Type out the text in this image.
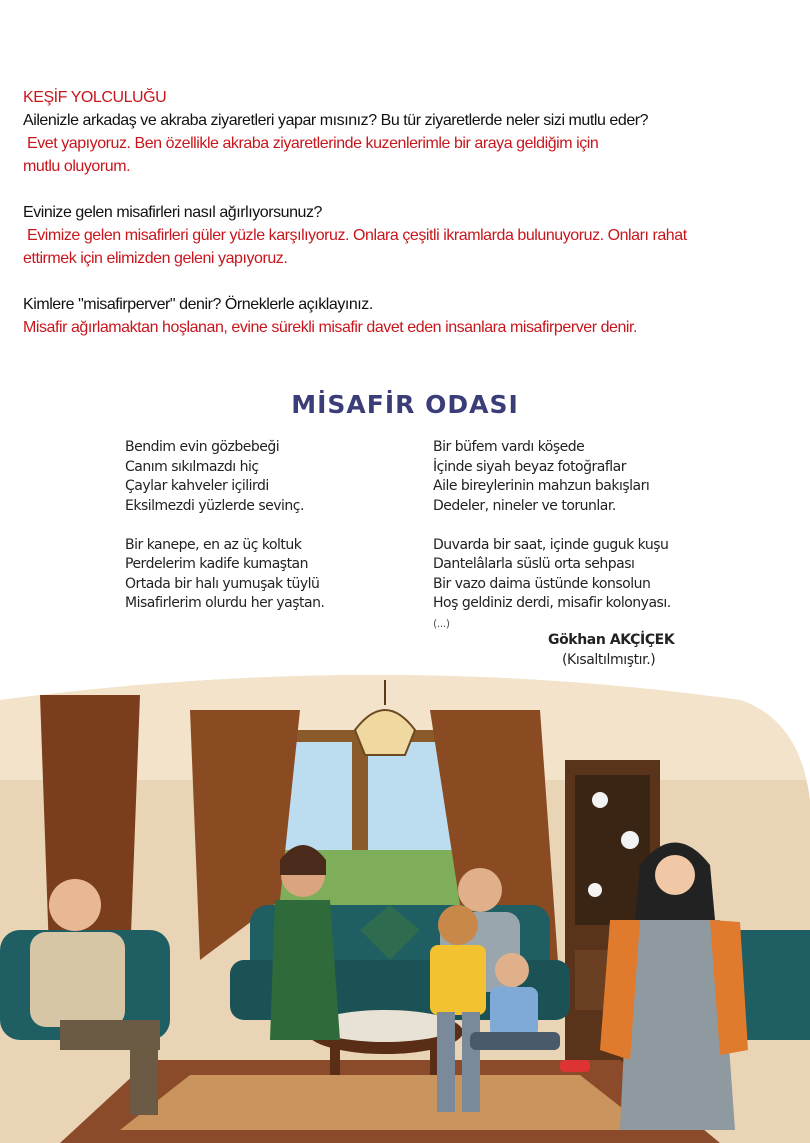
KEŞİF YOLCULUĞU
Ailenizle arkadaş ve akraba ziyaretleri yapar mısınız? Bu tür ziyaretlerde neler sizi mutlu eder?
Evet yapıyoruz. Ben özellikle akraba ziyaretlerinde kuzenlerimle bir araya geldiğim için
mutlu oluyorum.
Evinize gelen misafirleri nasıl ağırlıyorsunuz?
Evimize gelen misafirleri güler yüzle karşılıyoruz. Onlara çeşitli ikramlarda bulunuyoruz. Onları rahat
ettirmek için elimizden geleni yapıyoruz.
Kimlere "misafirperver" denir? Örneklerle açıklayınız.
Misafir ağırlamaktan hoşlanan, evine sürekli misafir davet eden insanlara misafirperver denir.
MİSAFİR ODASI
Bendim evin gözbebeği
Canım sıkılmazdı hiç
Çaylar kahveler içilirdi
Eksilmezdi yüzlerde sevinç.
Bir kanepe, en az üç koltuk
Perdelerim kadife kumaştan
Ortada bir halı yumuşak tüylü
Misafirlerim olurdu her yaştan.
Bir büfem vardı köşede
İçinde siyah beyaz fotoğraflar
Aile bireylerinin mahzun bakışları
Dedeler, nineler ve torunlar.
Duvarda bir saat, içinde guguk kuşu
Dantelâlarla süslü orta sehpası
Bir vazo daima üstünde konsolun
Hoş geldiniz derdi, misafir kolonyası.
(...)
Gökhan AKÇİÇEK
(Kısaltılmıştır.)
